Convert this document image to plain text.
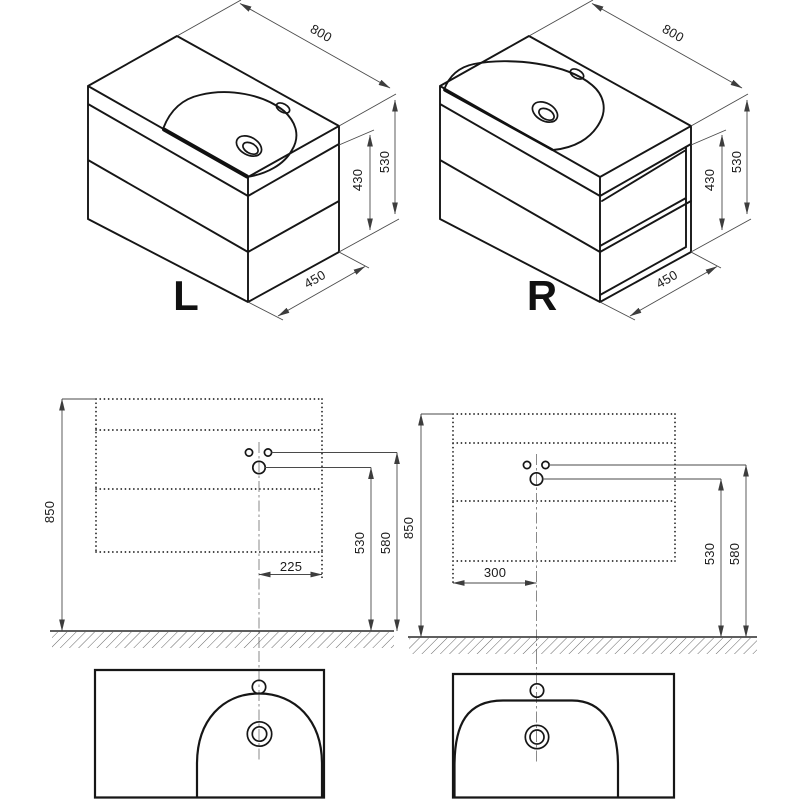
800
530
430
450
L
800
530
430
450
R
850
580
530
225
850
580
530
300
